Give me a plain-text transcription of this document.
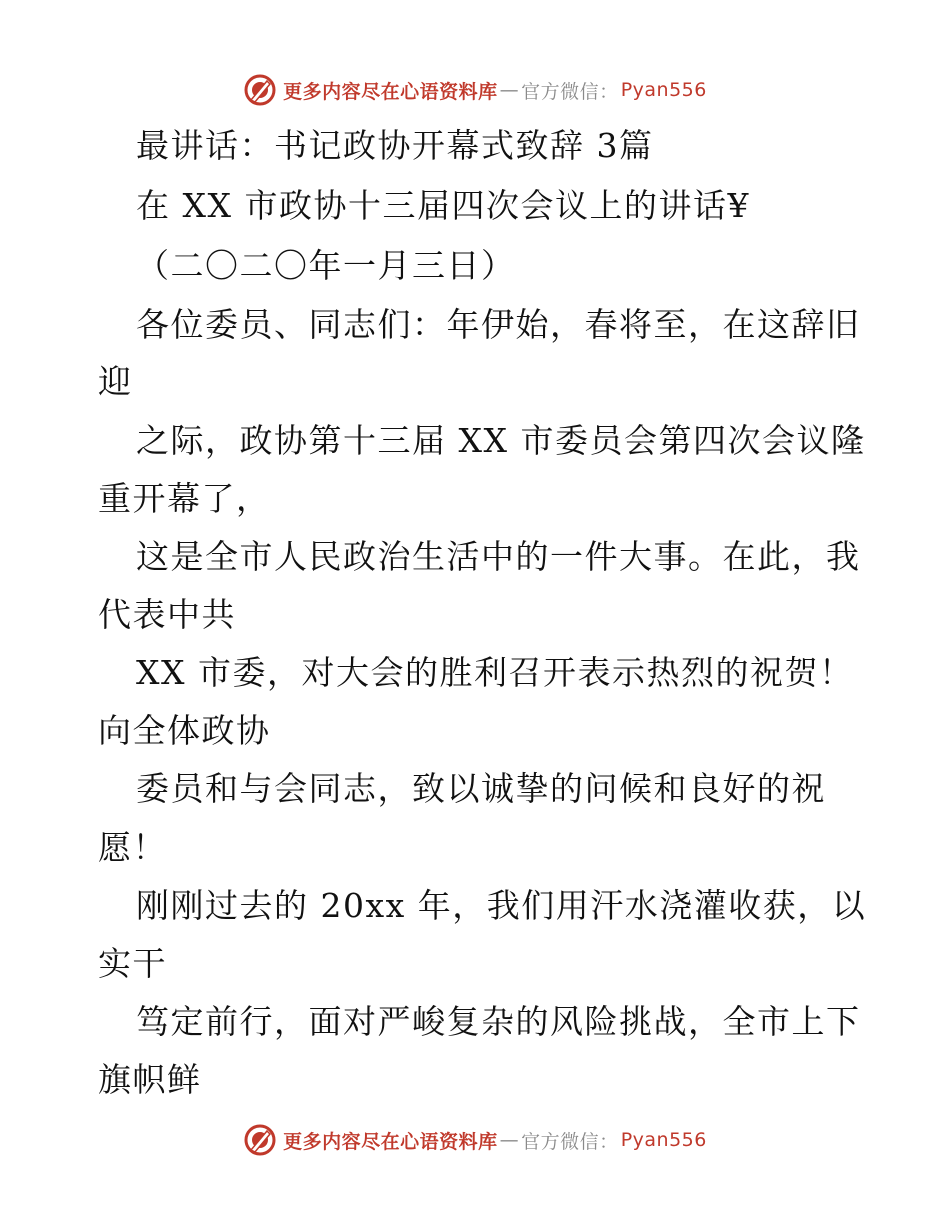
更多内容尽在心语资料库 — 官方微信： Pyan556
最讲话：书记政协开幕式致辞 3篇
在 XX 市政协十三届四次会议上的讲话¥
（二〇二〇年一月三日）
各位委员、同志们：年伊始，春将至，在这辞旧
迎
之际，政协第十三届 XX 市委员会第四次会议隆
重开幕了，
这是全市人民政治生活中的一件大事。在此，我
代表中共
XX 市委，对大会的胜利召开表示热烈的祝贺！
向全体政协
委员和与会同志，致以诚挚的问候和良好的祝
愿！
刚刚过去的 20xx 年，我们用汗水浇灌收获，以
实干
笃定前行，面对严峻复杂的风险挑战，全市上下
旗帜鲜
更多内容尽在心语资料库 — 官方微信： Pyan556
